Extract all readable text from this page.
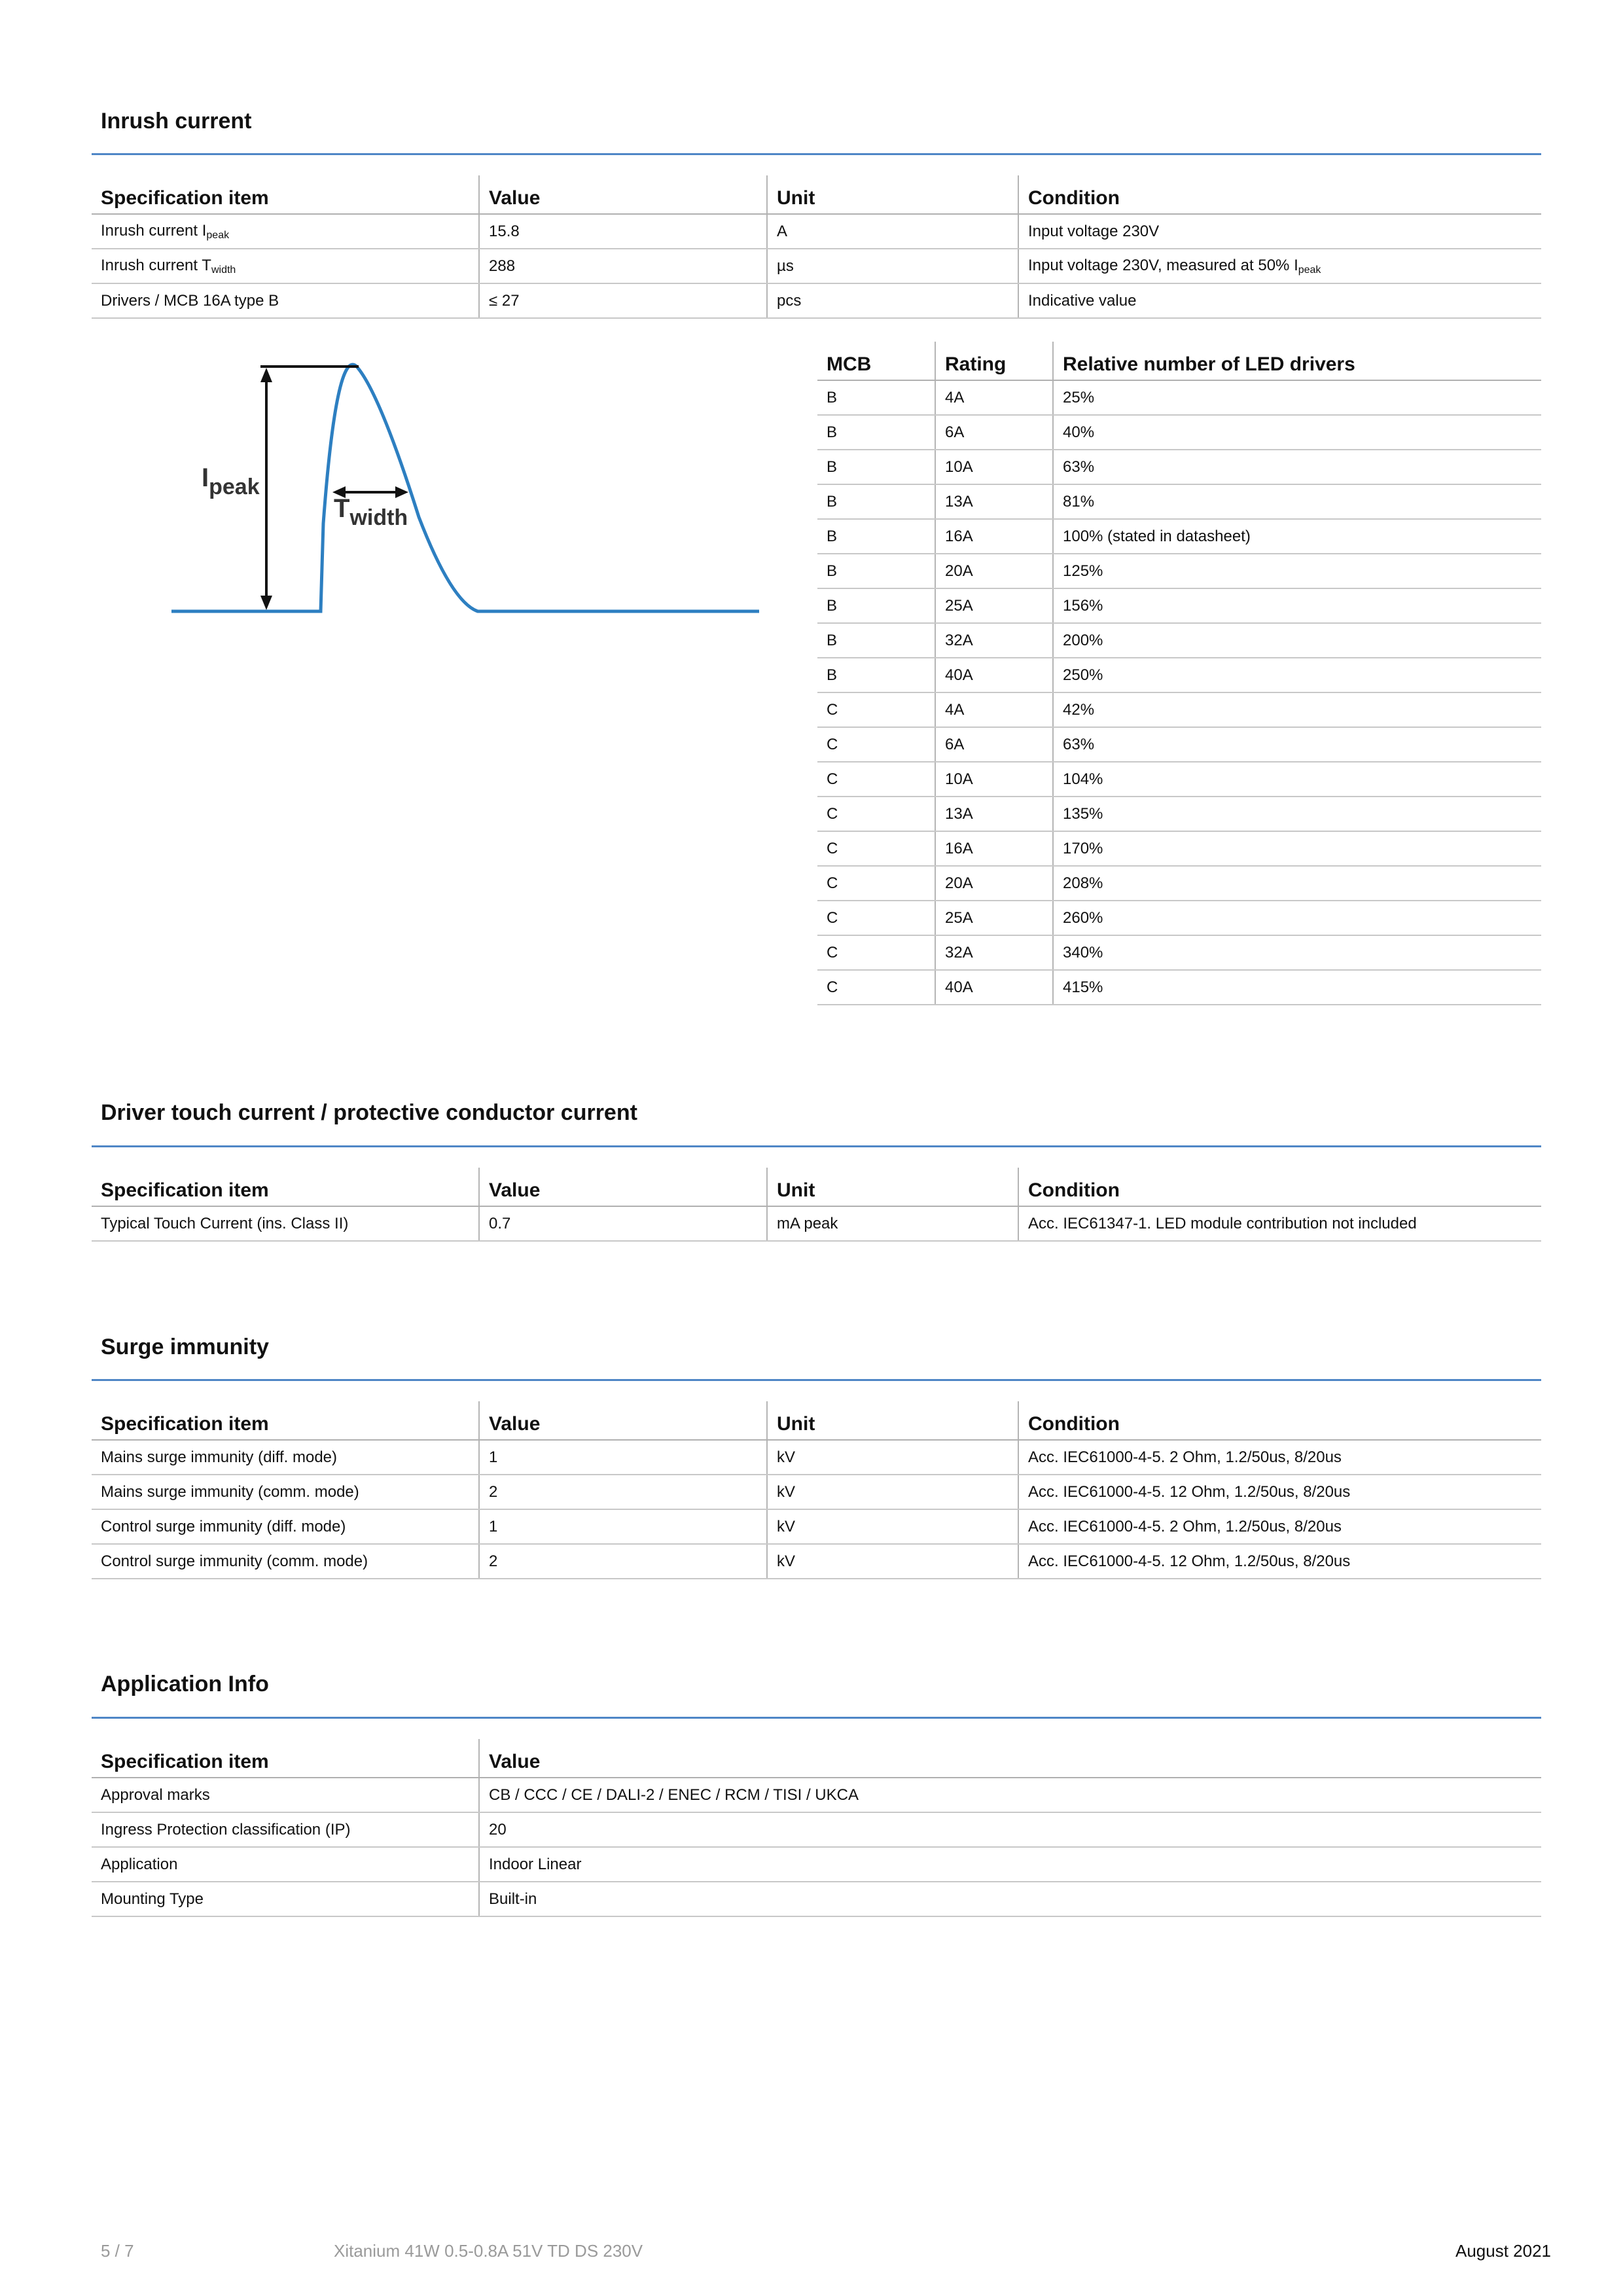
Inrush current
Specification item	Value	Unit	Condition
Inrush current $I_{peak}$	15.8	A	Input voltage 230V
Inrush current $T_{width}$	288	µs	Input voltage 230V, measured at 50% $I_{peak}$
Drivers / MCB 16A type B	≤ 27	pcs	Indicative value
$I_{peak}$
$T_{width}$
MCB	Rating	Relative number of LED drivers
B	4A	25%
B	6A	40%
B	10A	63%
B	13A	81%
B	16A	100% (stated in datasheet)
B	20A	125%
B	25A	156%
B	32A	200%
B	40A	250%
C	4A	42%
C	6A	63%
C	10A	104%
C	13A	135%
C	16A	170%
C	20A	208%
C	25A	260%
C	32A	340%
C	40A	415%
Driver touch current / protective conductor current
Specification item	Value	Unit	Condition
Typical Touch Current (ins. Class II)	0.7	mA peak	Acc. IEC61347-1. LED module contribution not included
Surge immunity
Specification item	Value	Unit	Condition
Mains surge immunity (diff. mode)	1	kV	Acc. IEC61000-4-5. 2 Ohm, 1.2/50us, 8/20us
Mains surge immunity (comm. mode)	2	kV	Acc. IEC61000-4-5. 12 Ohm, 1.2/50us, 8/20us
Control surge immunity (diff. mode)	1	kV	Acc. IEC61000-4-5. 2 Ohm, 1.2/50us, 8/20us
Control surge immunity (comm. mode)	2	kV	Acc. IEC61000-4-5. 12 Ohm, 1.2/50us, 8/20us
Application Info
Specification item	Value
Approval marks	CB / CCC / CE / DALI-2 / ENEC / RCM / TISI / UKCA
Ingress Protection classification (IP)	20
Application	Indoor Linear
Mounting Type	Built-in
5 / 7	Xitanium 41W 0.5-0.8A 51V TD DS 230V	August 2021
